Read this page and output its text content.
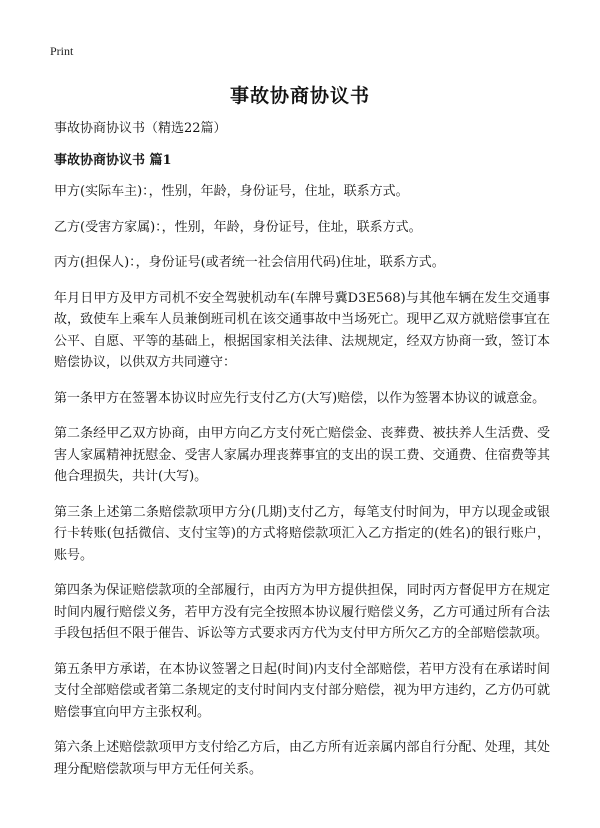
Print
事故协商协议书

事故协商协议书（精选22篇）

事故协商协议书 篇1

甲方(实际车主)：，性别，年龄，身份证号，住址，联系方式。

乙方(受害方家属)：，性别，年龄，身份证号，住址，联系方式。

丙方(担保人)：，身份证号(或者统一社会信用代码)住址，联系方式。

年月日甲方及甲方司机不安全驾驶机动车(车牌号冀D3E568)与其他车辆在发生交通事故，致使车上乘车人员兼倒班司机在该交通事故中当场死亡。现甲乙双方就赔偿事宜在公平、自愿、平等的基础上，根据国家相关法律、法规规定，经双方协商一致，签订本赔偿协议，以供双方共同遵守：

第一条甲方在签署本协议时应先行支付乙方(大写)赔偿，以作为签署本协议的诚意金。

第二条经甲乙双方协商，由甲方向乙方支付死亡赔偿金、丧葬费、被扶养人生活费、受害人家属精神抚慰金、受害人家属办理丧葬事宜的支出的误工费、交通费、住宿费等其他合理损失，共计(大写)。

第三条上述第二条赔偿款项甲方分(几期)支付乙方，每笔支付时间为，甲方以现金或银行卡转账(包括微信、支付宝等)的方式将赔偿款项汇入乙方指定的(姓名)的银行账户，账号。

第四条为保证赔偿款项的全部履行，由丙方为甲方提供担保，同时丙方督促甲方在规定时间内履行赔偿义务，若甲方没有完全按照本协议履行赔偿义务，乙方可通过所有合法手段包括但不限于催告、诉讼等方式要求丙方代为支付甲方所欠乙方的全部赔偿款项。

第五条甲方承诺，在本协议签署之日起(时间)内支付全部赔偿，若甲方没有在承诺时间支付全部赔偿或者第二条规定的支付时间内支付部分赔偿，视为甲方违约，乙方仍可就赔偿事宜向甲方主张权利。

第六条上述赔偿款项甲方支付给乙方后，由乙方所有近亲属内部自行分配、处理，其处理分配赔偿款项与甲方无任何关系。
